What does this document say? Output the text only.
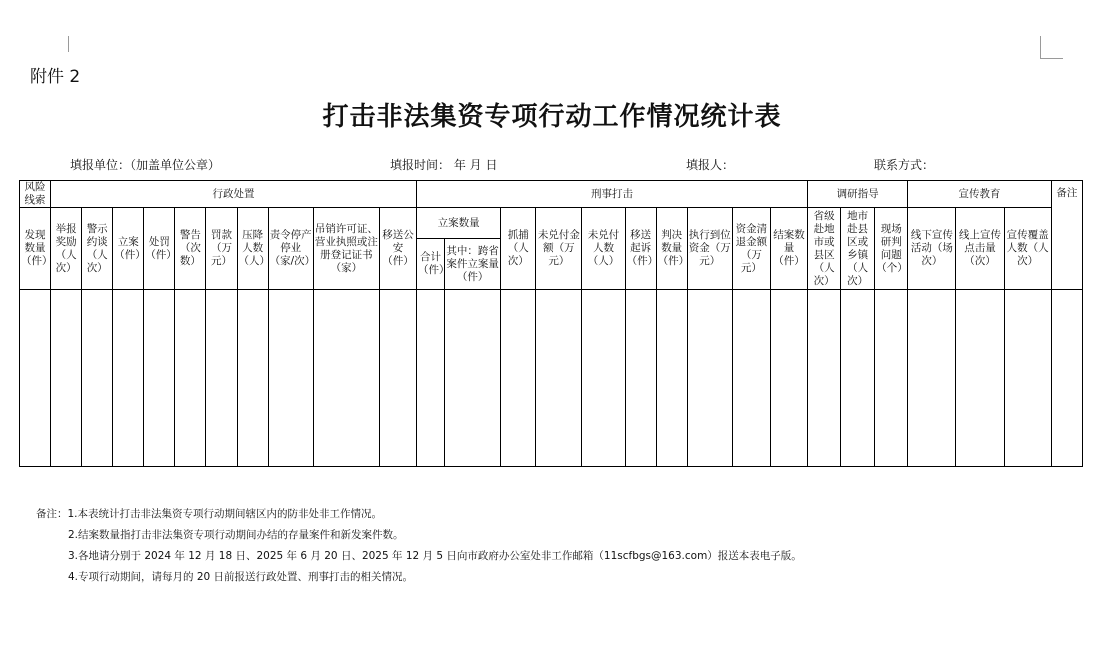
附件 2
打击非法集资专项行动工作情况统计表
填报单位：（加盖单位公章）	填报时间： 年 月 日	填报人：	联系方式：
风险线索	行政处置										刑事打击										调研指导			宣传教育			备注
发现数量（件）	举报奖励（人次）	警示约谈（人次）	立案（件）	处罚（件）	警告（次数）	罚款（万元）	压降人数（人）	责令停产停业（家/次）	吊销许可证、营业执照或注册登记证书（家）	移送公安（件）	立案数量		抓捕（人次）	未兑付金额（万元）	未兑付人数（人）	移送起诉（件）	判决数量（件）	执行到位资金（万元）	资金清退金额（万元）	结案数量（件）	省级赴地市或县区（人次）	地市赴县区或乡镇（人次）	现场研判问题（个）	线下宣传活动（场次）	线上宣传点击量（次）	宣传覆盖人数（人次）	
											合计（件）	其中：跨省案件立案量（件）															

备注：1.本表统计打击非法集资专项行动期间辖区内的防非处非工作情况。
2.结案数量指打击非法集资专项行动期间办结的存量案件和新发案件数。
3.各地请分别于 2024 年 12 月 18 日、2025 年 6 月 20 日、2025 年 12 月 5 日向市政府办公室处非工作邮箱（11scfbgs@163.com）报送本表电子版。
4.专项行动期间，请每月的 20 日前报送行政处置、刑事打击的相关情况。
